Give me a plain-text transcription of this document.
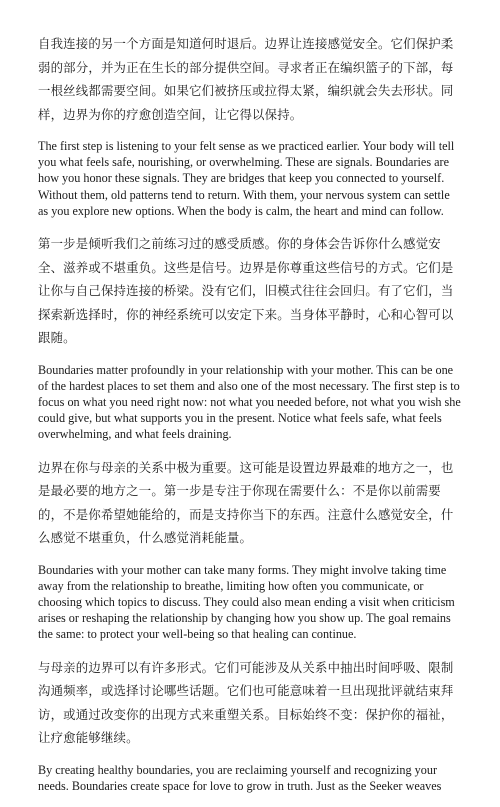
自我连接的另一个方面是知道何时退后。边界让连接感觉安全。它们保护柔弱的部分，并为正在生长的部分提供空间。寻求者正在编织篮子的下部，每一根丝线都需要空间。如果它们被挤压或拉得太紧，编织就会失去形状。同样，边界为你的疗愈创造空间，让它得以保持。

The first step is listening to your felt sense as we practiced earlier. Your body will tell you what feels safe, nourishing, or overwhelming. These are signals. Boundaries are how you honor these signals. They are bridges that keep you connected to yourself. Without them, old patterns tend to return. With them, your nervous system can settle as you explore new options. When the body is calm, the heart and mind can follow.

第一步是倾听我们之前练习过的感受质感。你的身体会告诉你什么感觉安全、滋养或不堪重负。这些是信号。边界是你尊重这些信号的方式。它们是让你与自己保持连接的桥梁。没有它们，旧模式往往会回归。有了它们，当探索新选择时，你的神经系统可以安定下来。当身体平静时，心和心智可以跟随。

Boundaries matter profoundly in your relationship with your mother. This can be one of the hardest places to set them and also one of the most necessary. The first step is to focus on what you need right now: not what you needed before, not what you wish she could give, but what supports you in the present. Notice what feels safe, what feels overwhelming, and what feels draining.

边界在你与母亲的关系中极为重要。这可能是设置边界最难的地方之一，也是最必要的地方之一。第一步是专注于你现在需要什么：不是你以前需要的，不是你希望她能给的，而是支持你当下的东西。注意什么感觉安全，什么感觉不堪重负，什么感觉消耗能量。

Boundaries with your mother can take many forms. They might involve taking time away from the relationship to breathe, limiting how often you communicate, or choosing which topics to discuss. They could also mean ending a visit when criticism arises or reshaping the relationship by changing how you show up. The goal remains the same: to protect your well-being so that healing can continue.

与母亲的边界可以有许多形式。它们可能涉及从关系中抽出时间呼吸、限制沟通频率，或选择讨论哪些话题。它们也可能意味着一旦出现批评就结束拜访，或通过改变你的出现方式来重塑关系。目标始终不变：保护你的福祉，让疗愈能够继续。

By creating healthy boundaries, you are reclaiming yourself and recognizing your needs. Boundaries create space for love to grow in truth. Just as the Seeker weaves
